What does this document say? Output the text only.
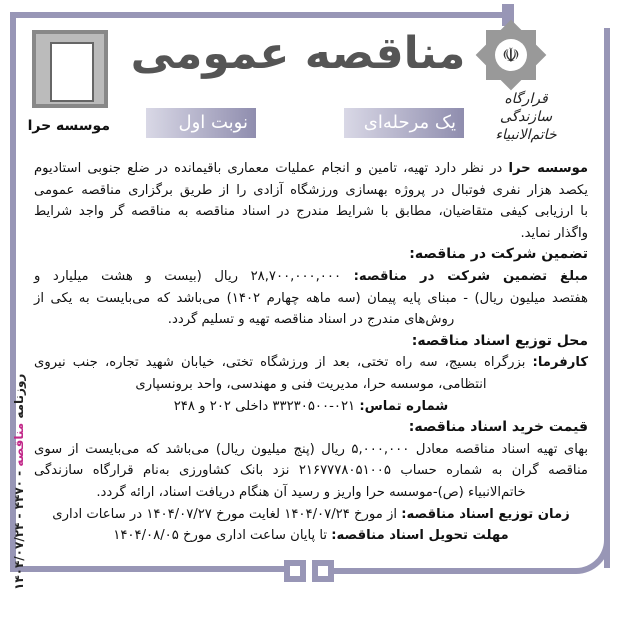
روزنامه مناقصه - ۴۴۷۰ - ۱۴۰۴/۰۷/۲۴
موسسه حرا
مناقصه عمومی
یک مرحله‌ای
نوبت اول
☫
قرارگاه سازندگی خاتم‌الانبیاء
موسسه حرا در نظر دارد تهیه، تامین و انجام عملیات معماری باقیمانده در ضلع جنوبی استادیوم
یکصد هزار نفری فوتبال در پروژه بهسازی ورزشگاه آزادی را از طریق برگزاری مناقصه عمومی
با ارزیابی کیفی متقاضیان، مطابق با شرایط مندرج در اسناد مناقصه به مناقصه گر واجد شرایط
واگذار نماید.
تضمین شرکت در مناقصه:
مبلغ تضمین شرکت در مناقصه: ۲۸,۷۰۰,۰۰۰,۰۰۰ ریال (بیست و هشت میلیارد و
هفتصد میلیون ریال) - مبنای پایه پیمان (سه ماهه چهارم ۱۴۰۲) می‌باشد که می‌بایست به یکی از
روش‌های مندرج در اسناد مناقصه تهیه و تسلیم گردد.
محل توزیع اسناد مناقصه:
کارفرما: بزرگراه بسیج، سه راه تختی، بعد از ورزشگاه تختی، خیابان شهید تجاره، جنب نیروی
انتظامی، موسسه حرا، مدیریت فنی و مهندسی، واحد برونسپاری
شماره تماس: ۰۲۱-۳۳۲۳۰۵۰۰ داخلی ۲۰۲ و ۲۴۸
قیمت خرید اسناد مناقصه:
بهای تهیه اسناد مناقصه معادل ۵,۰۰۰,۰۰۰ ریال (پنج میلیون ریال) می‌باشد که می‌بایست از سوی
مناقصه گران به شماره حساب ۲۱۶۷۷۷۸۰۵۱۰۰۵ نزد بانک کشاورزی به‌نام قرارگاه سازندگی
خاتم‌الانبیاء (ص)-موسسه حرا واریز و رسید آن هنگام دریافت اسناد، ارائه گردد.
زمان توزیع اسناد مناقصه: از مورخ ۱۴۰۴/۰۷/۲۴ لغایت مورخ ۱۴۰۴/۰۷/۲۷ در ساعات اداری
مهلت تحویل اسناد مناقصه: تا پایان ساعت اداری مورخ ۱۴۰۴/۰۸/۰۵
